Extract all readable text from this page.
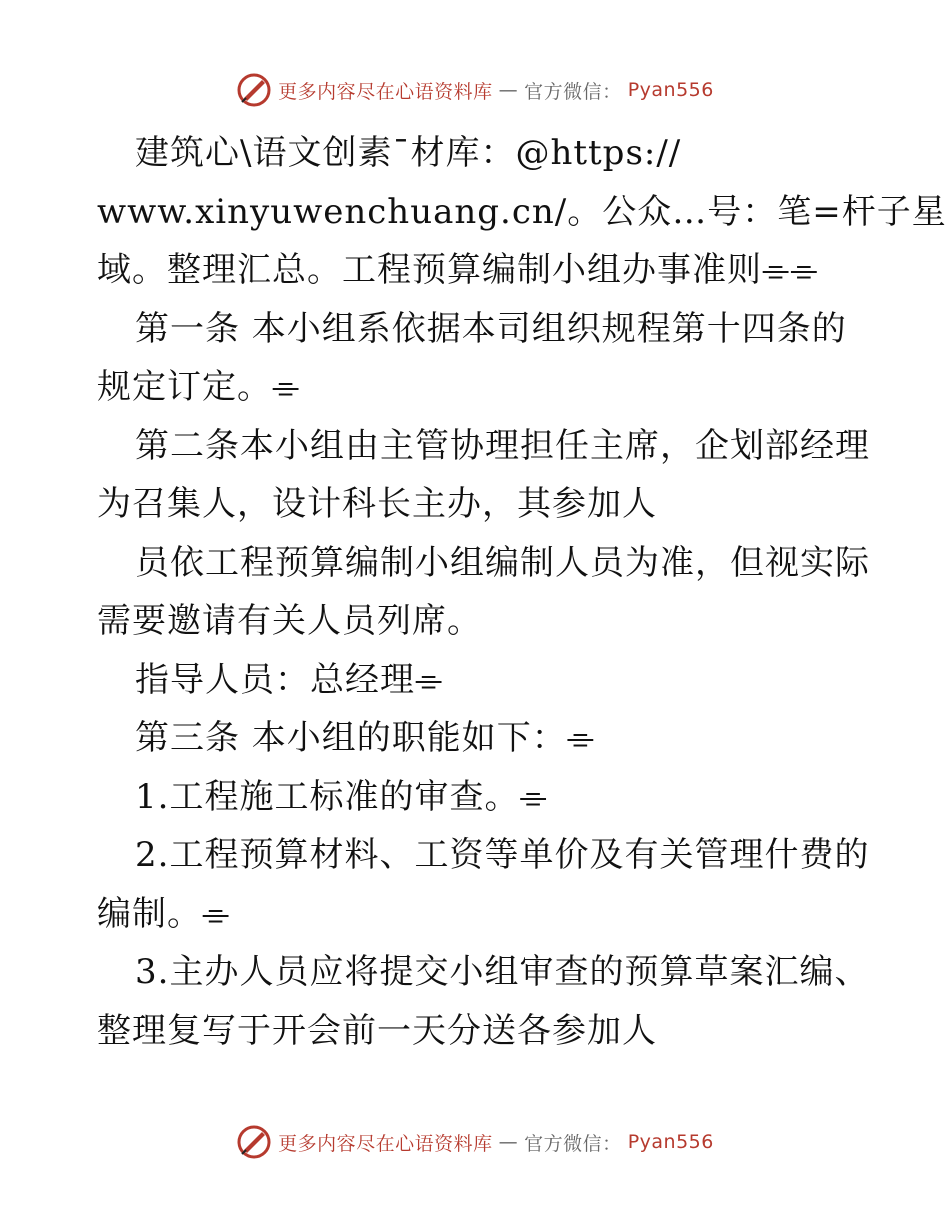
更多内容尽在心语资料库 — 官方微信： Pyan556
建筑心\语文创素¯材库：@https://
www.xinyuwenchuang.cn/。公众…号：笔=杆子星
域。整理汇总。工程预算编制小组办事准则⌯⌯
第一条 本小组系依据本司组织规程第十四条的
规定订定。⌯
第二条本小组由主管协理担任主席，企划部经理
为召集人，设计科长主办，其参加人
员依工程预算编制小组编制人员为准，但视实际
需要邀请有关人员列席。
指导人员：总经理⌯
第三条 本小组的职能如下：⌯
1.工程施工标准的审查。⌯
2.工程预算材料、工资等单价及有关管理什费的
编制。⌯
3.主办人员应将提交小组审查的预算草案汇编、
整理复写于开会前一天分送各参加人
更多内容尽在心语资料库 — 官方微信： Pyan556
